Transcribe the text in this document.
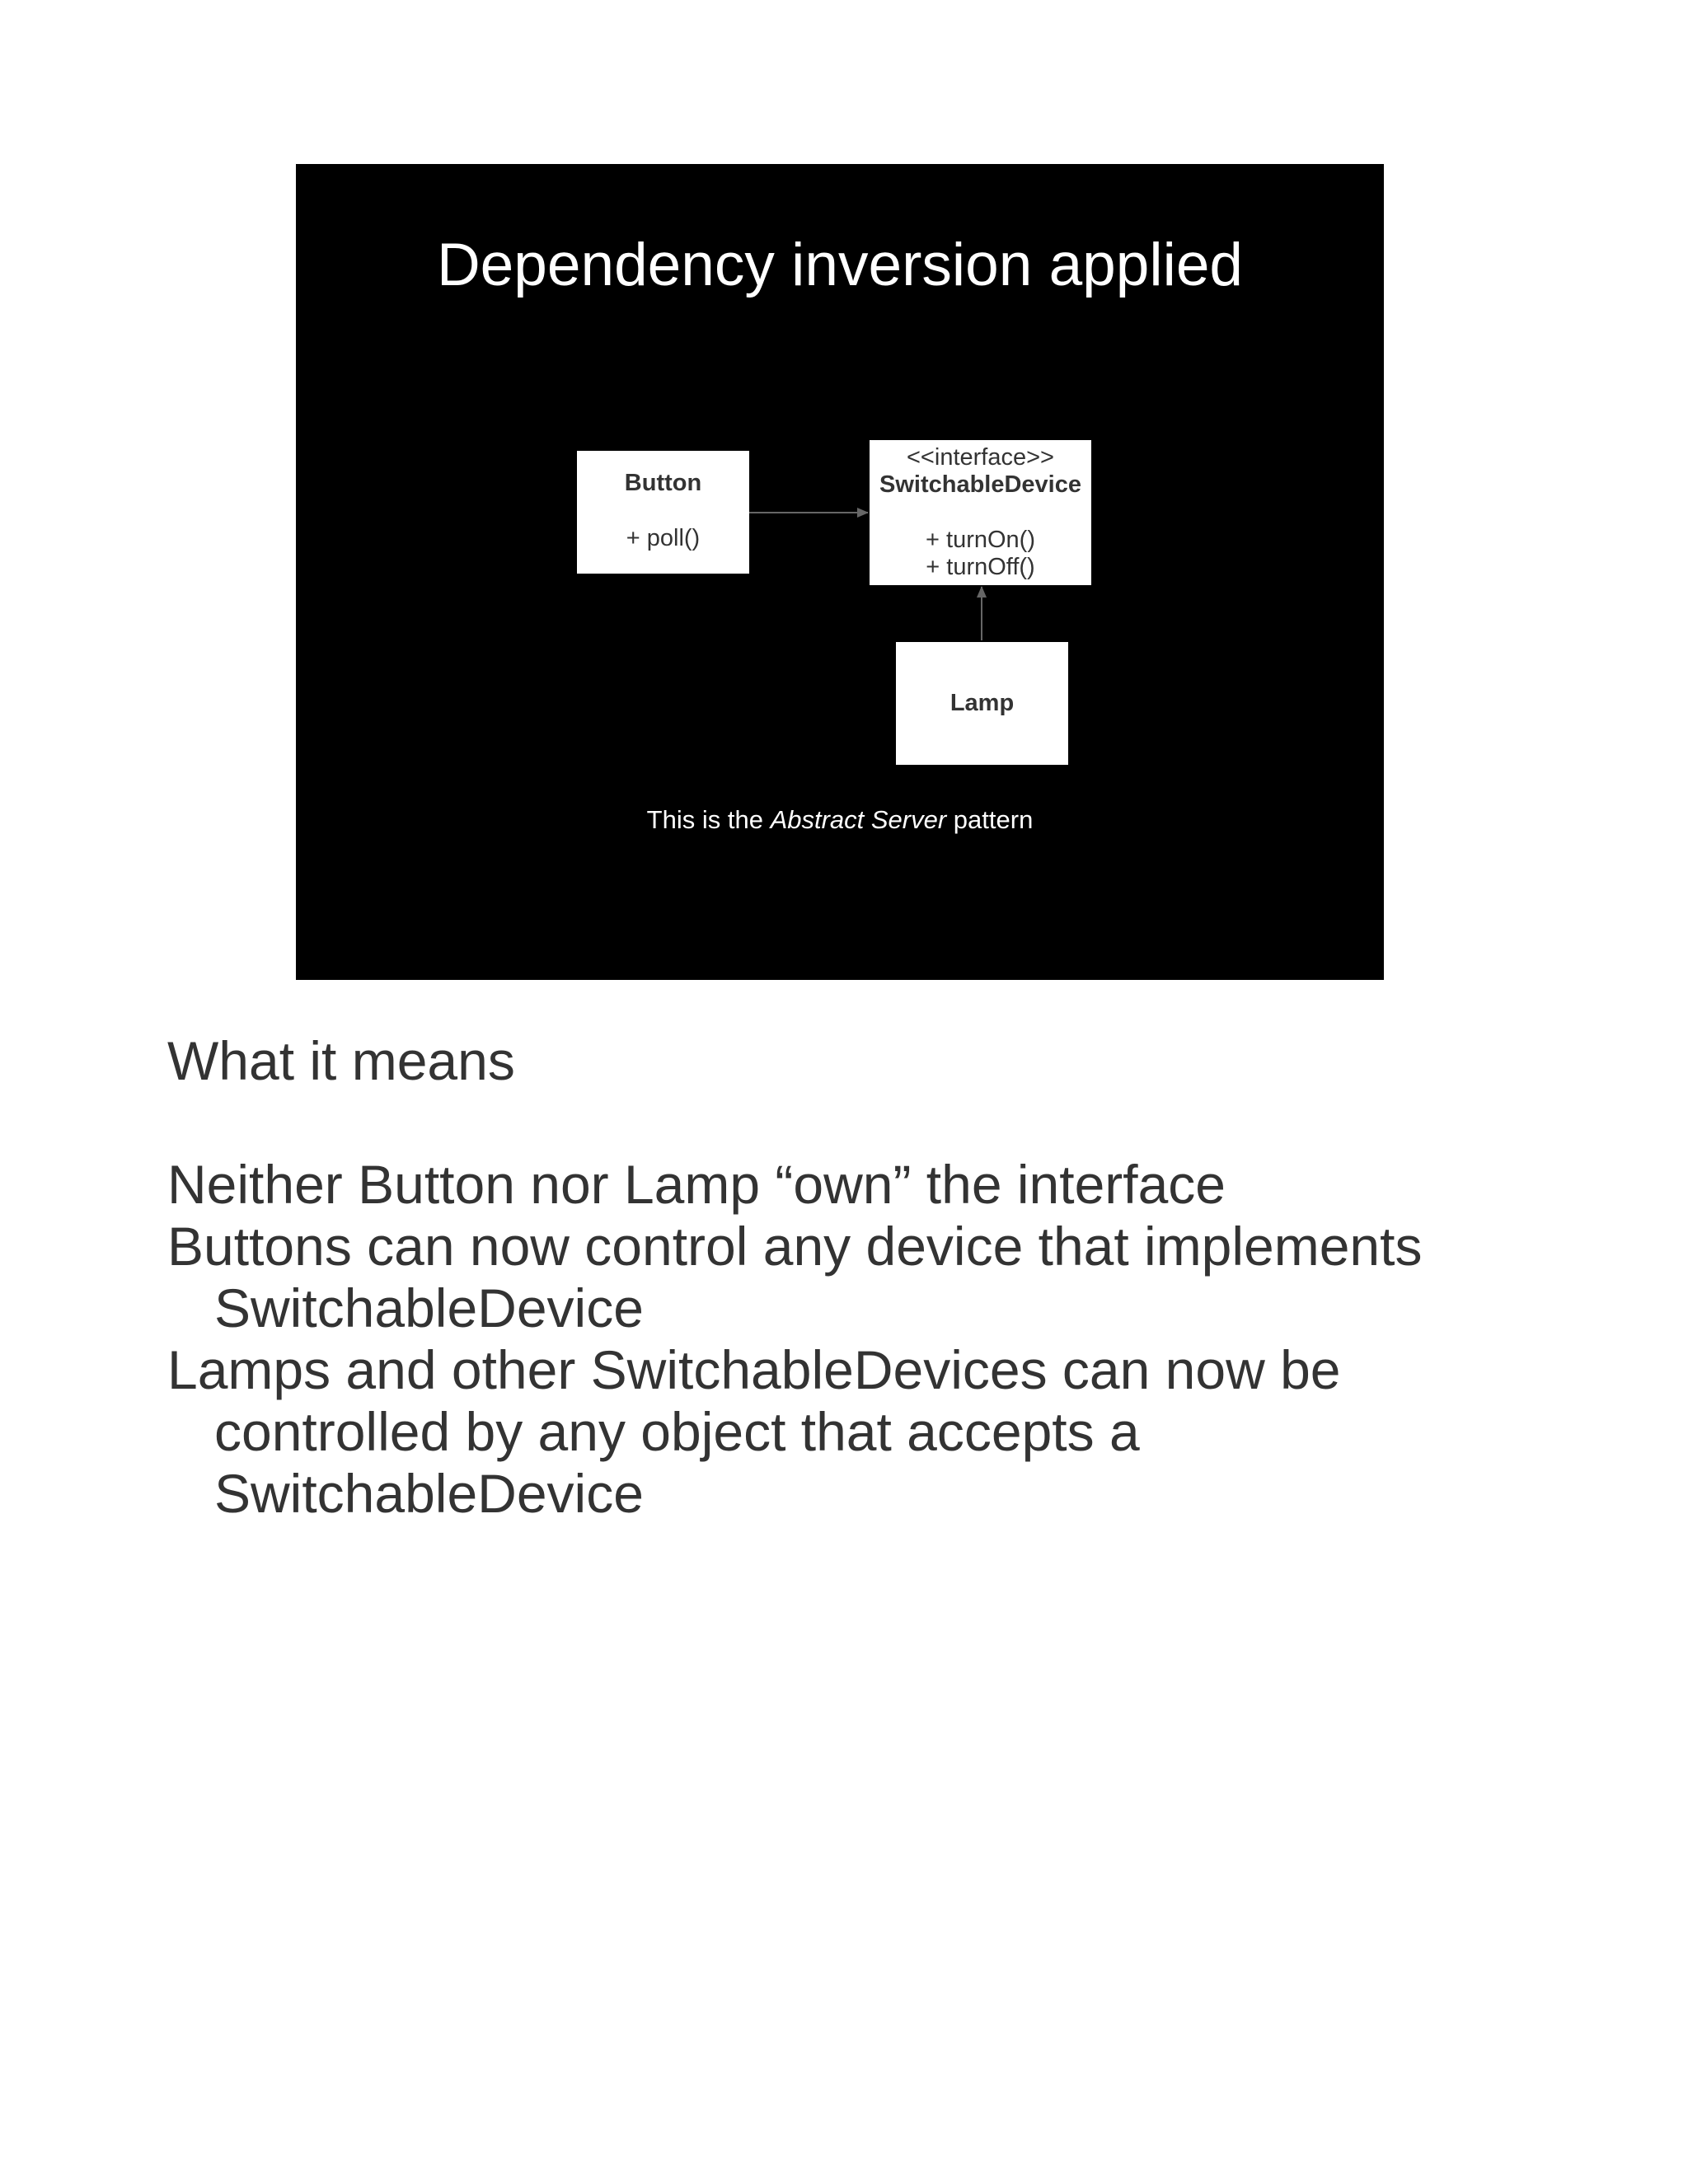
Dependency inversion applied
Button
+ poll()
<<interface>>
SwitchableDevice
+ turnOn()
+ turnOff()
Lamp
This is the Abstract Server pattern
What it means
Neither Button nor Lamp “own” the interface
Buttons can now control any device that implements
SwitchableDevice
Lamps and other SwitchableDevices can now be
controlled by any object that accepts a
SwitchableDevice
